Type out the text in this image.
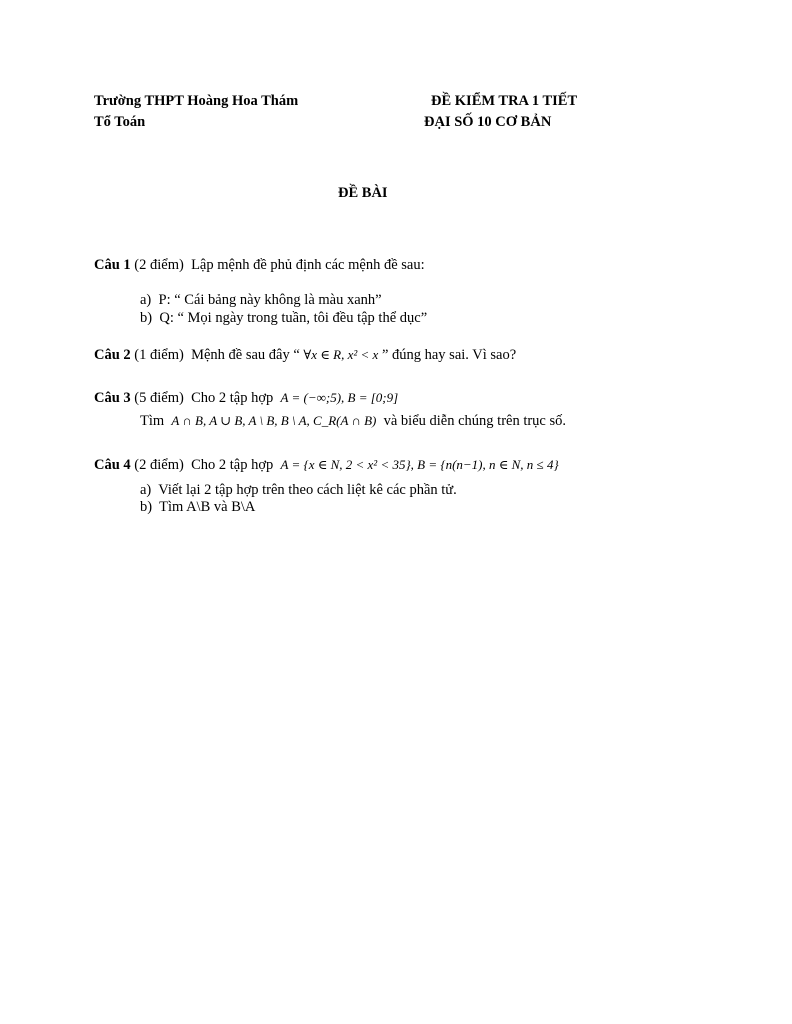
Trường THPT Hoàng Hoa Thám
Tổ Toán
ĐỀ KIỂM TRA 1 TIẾT
ĐẠI SỐ 10 CƠ BẢN
ĐỀ BÀI
Câu 1 (2 điểm) Lập mệnh đề phủ định các mệnh đề sau:
a) P: “ Cái bảng này không là màu xanh”
b) Q: “ Mọi ngày trong tuần, tôi đều tập thể dục”
Câu 2 (1 điểm) Mệnh đề sau đây “ ∀x ∈ R, x² < x ” đúng hay sai. Vì sao?
Câu 3 (5 điểm) Cho 2 tập hợp A = (−∞;5), B = [0;9]
Tìm A ∩ B, A ∪ B, A \ B, B \ A, C_R(A ∩ B) và biểu diễn chúng trên trục số.
Câu 4 (2 điểm) Cho 2 tập hợp A = {x ∈ N, 2 < x² < 35}, B = {n(n−1), n ∈ N, n ≤ 4}
a) Viết lại 2 tập hợp trên theo cách liệt kê các phần tử.
b) Tìm A\B và B\A
